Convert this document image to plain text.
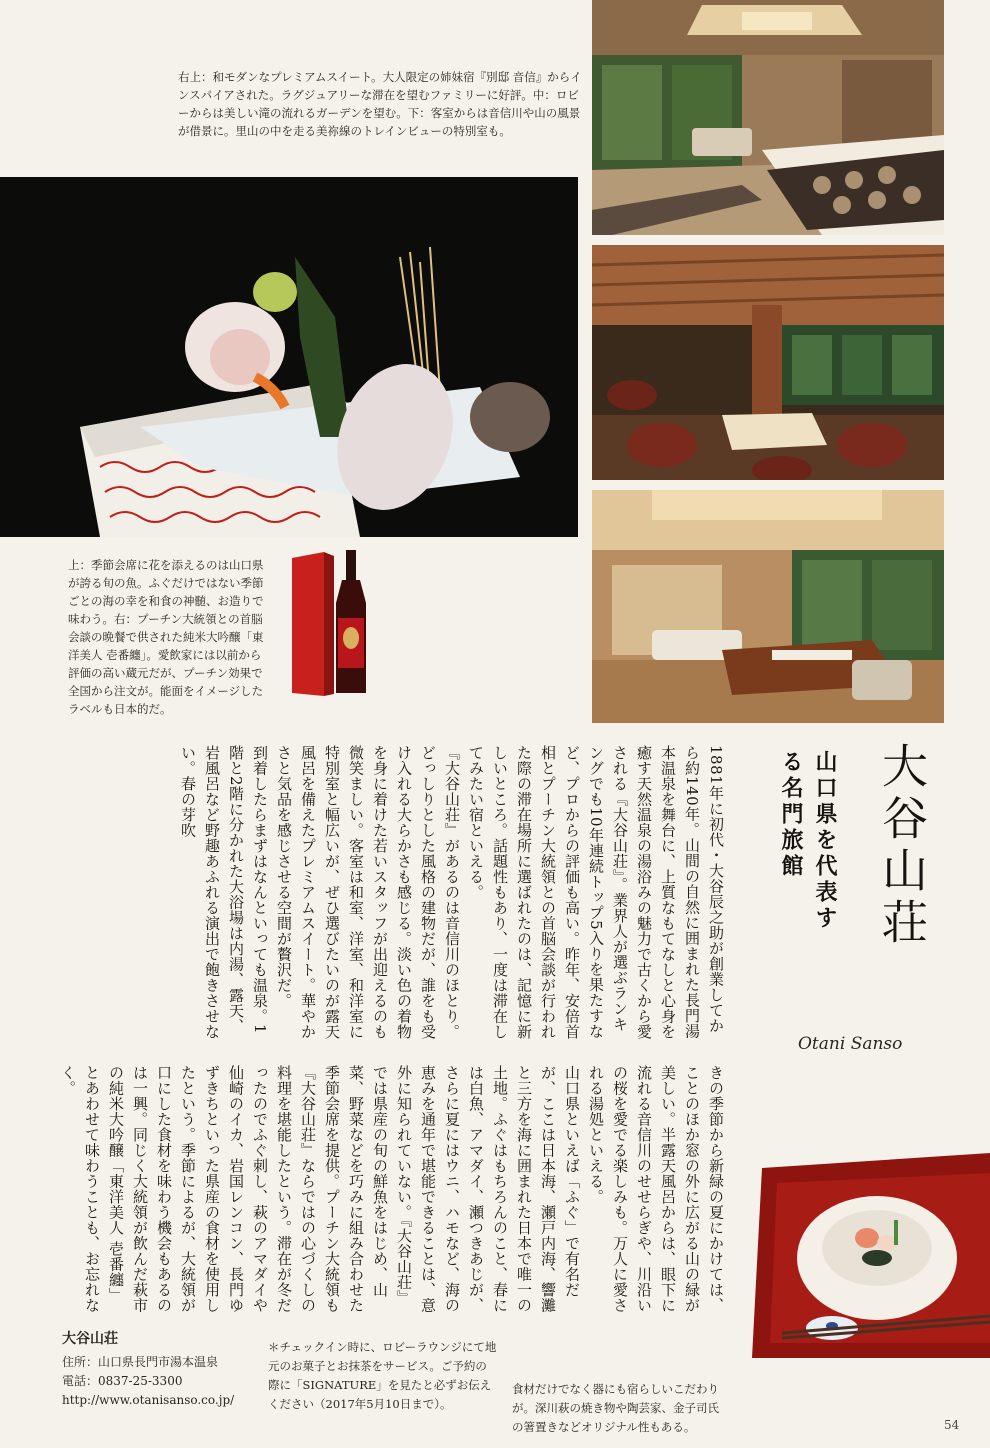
右上：和モダンなプレミアムスイート。大人限定の姉妹宿『別邸 音信』からインスパイアされた。ラグジュアリーな滞在を望むファミリーに好評。中：ロビーからは美しい滝の流れるガーデンを望む。下：客室からは音信川や山の風景が借景に。里山の中を走る美祢線のトレインビューの特別室も。

上：季節会席に花を添えるのは山口県が誇る旬の魚。ふぐだけではない季節ごとの海の幸を和食の神髄、お造りで味わう。右：プーチン大統領との首脳会談の晩餐で供された純米大吟醸「東洋美人 壱番纏」。愛飲家には以前から評価の高い蔵元だが、プーチン効果で全国から注文が。能面をイメージしたラベルも日本的だ。

大谷山荘
山口県を代表する名門旅館
Otani Sanso
1881年に初代・大谷辰之助が創業してから約140年。山間の自然に囲まれた長門湯本温泉を舞台に、上質なもてなしと心身を癒す天然温泉の湯浴みの魅力で古くから愛される『大谷山荘』。業界人が選ぶランキングでも10年連続トップ5入りを果たすなど、プロからの評価も高い。昨年、安倍首相とプーチン大統領との首脳会談が行われた際の滞在場所に選ばれたのは、記憶に新しいところ。話題性もあり、一度は滞在してみたい宿といえる。
『大谷山荘』があるのは音信川のほとり。どっしりとした風格の建物だが、誰をも受け入れる大らかさも感じる。淡い色の着物を身に着けた若いスタッフが出迎えるのも微笑ましい。客室は和室、洋室、和洋室に特別室と幅広いが、ぜひ選びたいのが露天風呂を備えたプレミアムスイート。華やかさと気品を感じさせる空間が贅沢だ。
到着したらまずはなんといっても温泉。1階と2階に分かれた大浴場は内湯、露天、岩風呂など野趣あふれる演出で飽きさせない。春の芽吹
きの季節から新緑の夏にかけては、ことのほか窓の外に広がる山の緑が美しい。半露天風呂からは、眼下に流れる音信川のせせらぎや、川沿いの桜を愛でる楽しみも。万人に愛される湯処といえる。
山口県といえば「ふぐ」で有名だが、ここは日本海、瀬戸内海、響灘と三方を海に囲まれた日本で唯一の土地。ふぐはもちろんのこと、春には白魚、アマダイ、瀬つきあじが、さらに夏にはウニ、ハモなど、海の恵みを通年で堪能できることは、意外に知られていない。『大谷山荘』では県産の旬の鮮魚をはじめ、山菜、野菜などを巧みに組み合わせた季節会席を提供。プーチン大統領も『大谷山荘』ならではの心づくしの料理を堪能したという。滞在が冬だったのでふぐ刺し、萩のアマダイや仙崎のイカ、岩国レンコン、長門ゆずきちといった県産の食材を使用したという。季節によるが、大統領が口にした食材を味わう機会もあるのは一興。同じく大統領が飲んだ萩市の純米大吟醸「東洋美人 壱番纏」とあわせて味わうことも、お忘れなく。
大谷山荘
住所：山口県長門市湯本温泉
電話：0837-25-3300
http://www.otanisanso.co.jp/
＊チェックイン時に、ロビーラウンジにて地元のお菓子とお抹茶をサービス。ご予約の際に「SIGNATURE」を見たと必ずお伝えください（2017年5月10日まで）。
食材だけでなく器にも宿らしいこだわりが。深川萩の焼き物や陶芸家、金子司氏の箸置きなどオリジナル性もある。	54
